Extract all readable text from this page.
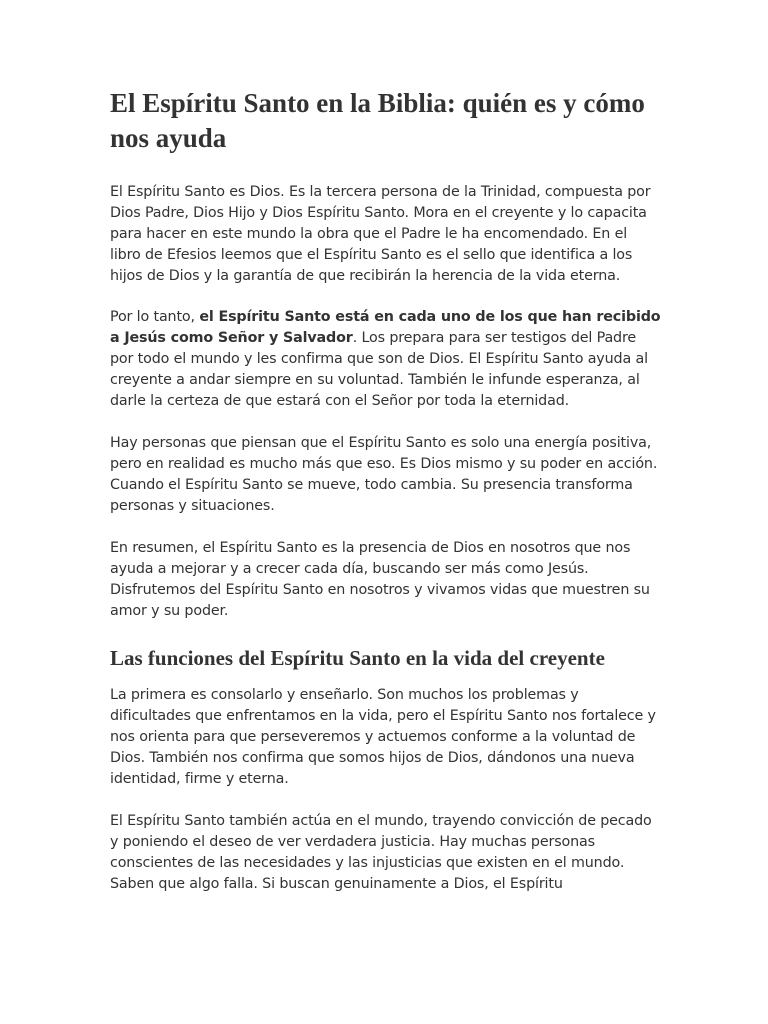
El Espíritu Santo en la Biblia: quién es y cómo nos ayuda

El Espíritu Santo es Dios. Es la tercera persona de la Trinidad, compuesta por Dios Padre, Dios Hijo y Dios Espíritu Santo. Mora en el creyente y lo capacita para hacer en este mundo la obra que el Padre le ha encomendado. En el libro de Efesios leemos que el Espíritu Santo es el sello que identifica a los hijos de Dios y la garantía de que recibirán la herencia de la vida eterna.

Por lo tanto, el Espíritu Santo está en cada uno de los que han recibido a Jesús como Señor y Salvador. Los prepara para ser testigos del Padre por todo el mundo y les confirma que son de Dios. El Espíritu Santo ayuda al creyente a andar siempre en su voluntad. También le infunde esperanza, al darle la certeza de que estará con el Señor por toda la eternidad.

Hay personas que piensan que el Espíritu Santo es solo una energía positiva, pero en realidad es mucho más que eso. Es Dios mismo y su poder en acción. Cuando el Espíritu Santo se mueve, todo cambia. Su presencia transforma personas y situaciones.

En resumen, el Espíritu Santo es la presencia de Dios en nosotros que nos ayuda a mejorar y a crecer cada día, buscando ser más como Jesús. Disfrutemos del Espíritu Santo en nosotros y vivamos vidas que muestren su amor y su poder.

Las funciones del Espíritu Santo en la vida del creyente

La primera es consolarlo y enseñarlo. Son muchos los problemas y dificultades que enfrentamos en la vida, pero el Espíritu Santo nos fortalece y nos orienta para que perseveremos y actuemos conforme a la voluntad de Dios. También nos confirma que somos hijos de Dios, dándonos una nueva identidad, firme y eterna.

El Espíritu Santo también actúa en el mundo, trayendo convicción de pecado y poniendo el deseo de ver verdadera justicia. Hay muchas personas conscientes de las necesidades y las injusticias que existen en el mundo. Saben que algo falla. Si buscan genuinamente a Dios, el Espíritu
